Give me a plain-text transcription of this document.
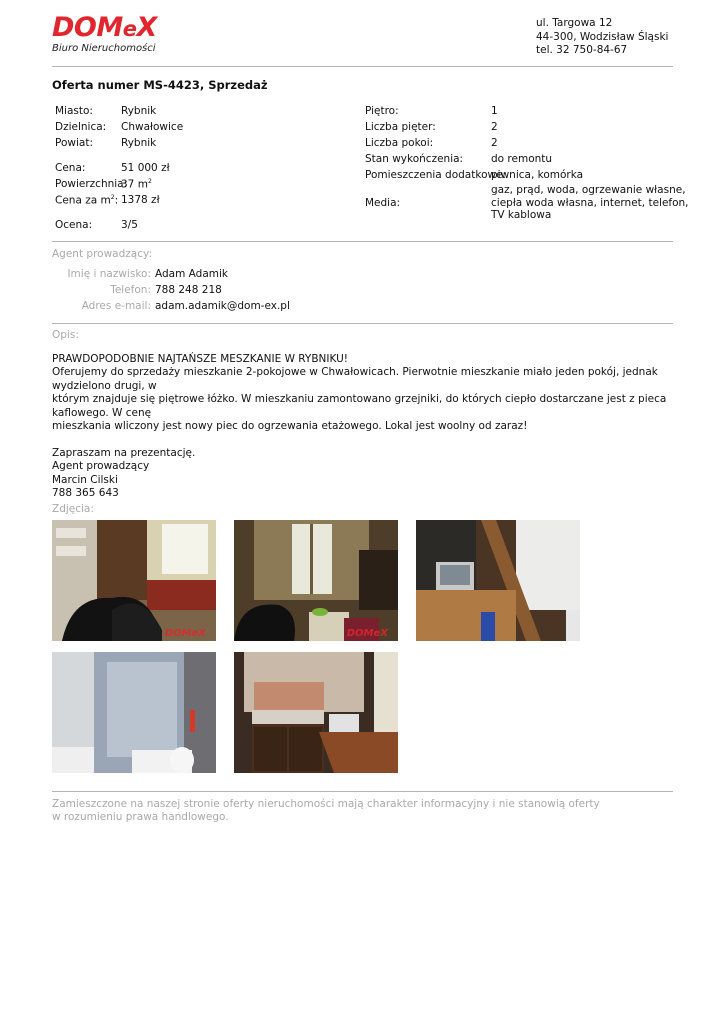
DOMeX
Biuro Nieruchomości
ul. Targowa 12
44-300, Wodzisław Śląski
tel. 32 750-84-67
Oferta numer MS-4423, Sprzedaż
Miasto:	Rybnik
Dzielnica: Chwałowice
Powiat:	Rybnik
Cena:	51 000 zł
Powierzchnia:
37 $m^2$
Cena za $m^2$: 1378 zł
Ocena:	3/5
Piętro:	1
Liczba pięter:	2
Liczba pokoi:	2
Stan wykończenia:	do remontu
Pomieszczenia dodatkowe:
piwnica, komórka
Media:
gaz, prąd, woda, ogrzewanie własne,
ciepła woda własna, internet, telefon,
TV kablowa
Agent prowadzący:
Imię i nazwisko: Adam Adamik
Telefon: 788 248 218
Adres e-mail: adam.adamik@dom-ex.pl
Opis:

PRAWDOPODOBNIE NAJTAŃSZE MESZKANIE W RYBNIKU!

Oferujemy do sprzedaży mieszkanie 2-pokojowe w Chwałowicach. Pierwotnie mieszkanie miało jeden pokój, jednak wydzielono drugi, w

którym znajduje się piętrowe łóżko. W mieszkaniu zamontowano grzejniki, do których ciepło dostarczane jest z pieca kaflowego. W cenę

mieszkania wliczony jest nowy piec do ogrzewania etażowego. Lokal jest woolny od zaraz!

Zapraszam na prezentację.

Agent prowadzący

Marcin Cilski

788 365 643

Zdjęcia:
DOMeX	DOMeX
Zamieszczone na naszej stronie oferty nieruchomości mają charakter informacyjny i nie stanowią oferty
w rozumieniu prawa handlowego.
